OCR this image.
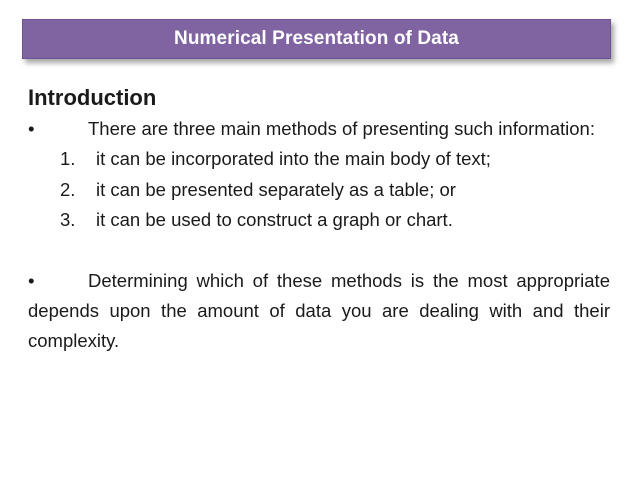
Numerical Presentation of Data
Introduction

•	There are three main methods of presenting such information:

1. it can be incorporated into the main body of text;
2. it can be presented separately as a table; or
3. it can be used to construct a graph or chart.

•	Determining which of these methods is the most appropriate depends upon the amount of data you are dealing with and their complexity.
